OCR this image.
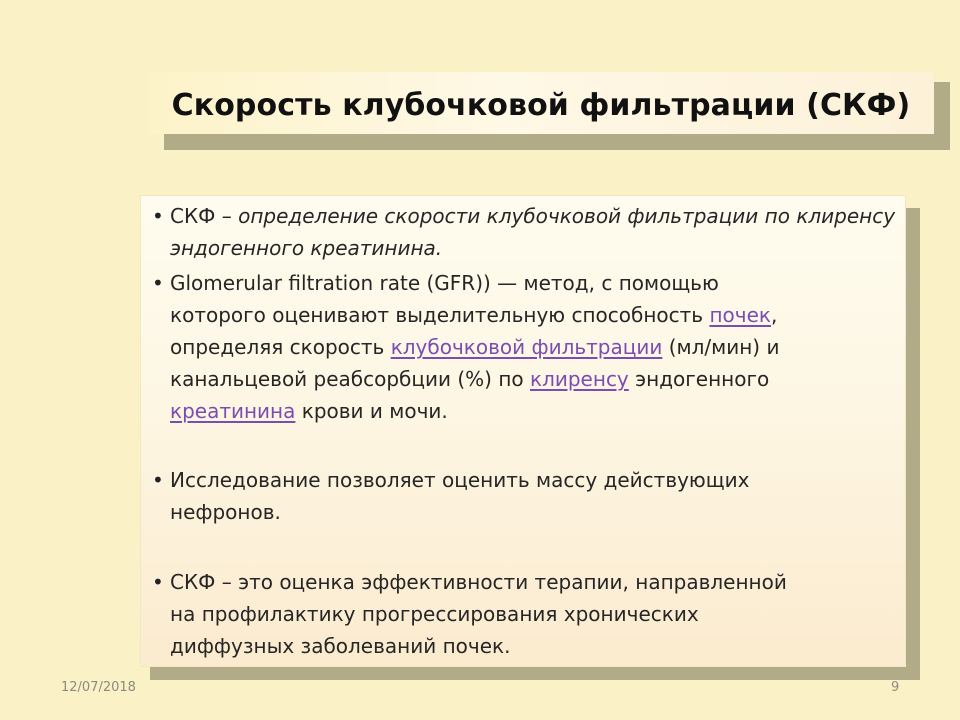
Скорость клубочковой фильтрации (СКФ)
• СКФ – определение скорости клубочковой фильтрации по клиренсу эндогенного креатинина.
• Glomerular filtration rate (GFR)) — метод, с помощью
которого оценивают выделительную способность почек,
определяя скорость клубочковой фильтрации (мл/мин) и
канальцевой реабсорбции (%) по клиренсу эндогенного
креатинина крови и мочи.
• Исследование позволяет оценить массу действующих
нефронов.
• СКФ – это оценка эффективности терапии, направленной
на профилактику прогрессирования хронических
диффузных заболеваний почек.
12/07/2018	9
